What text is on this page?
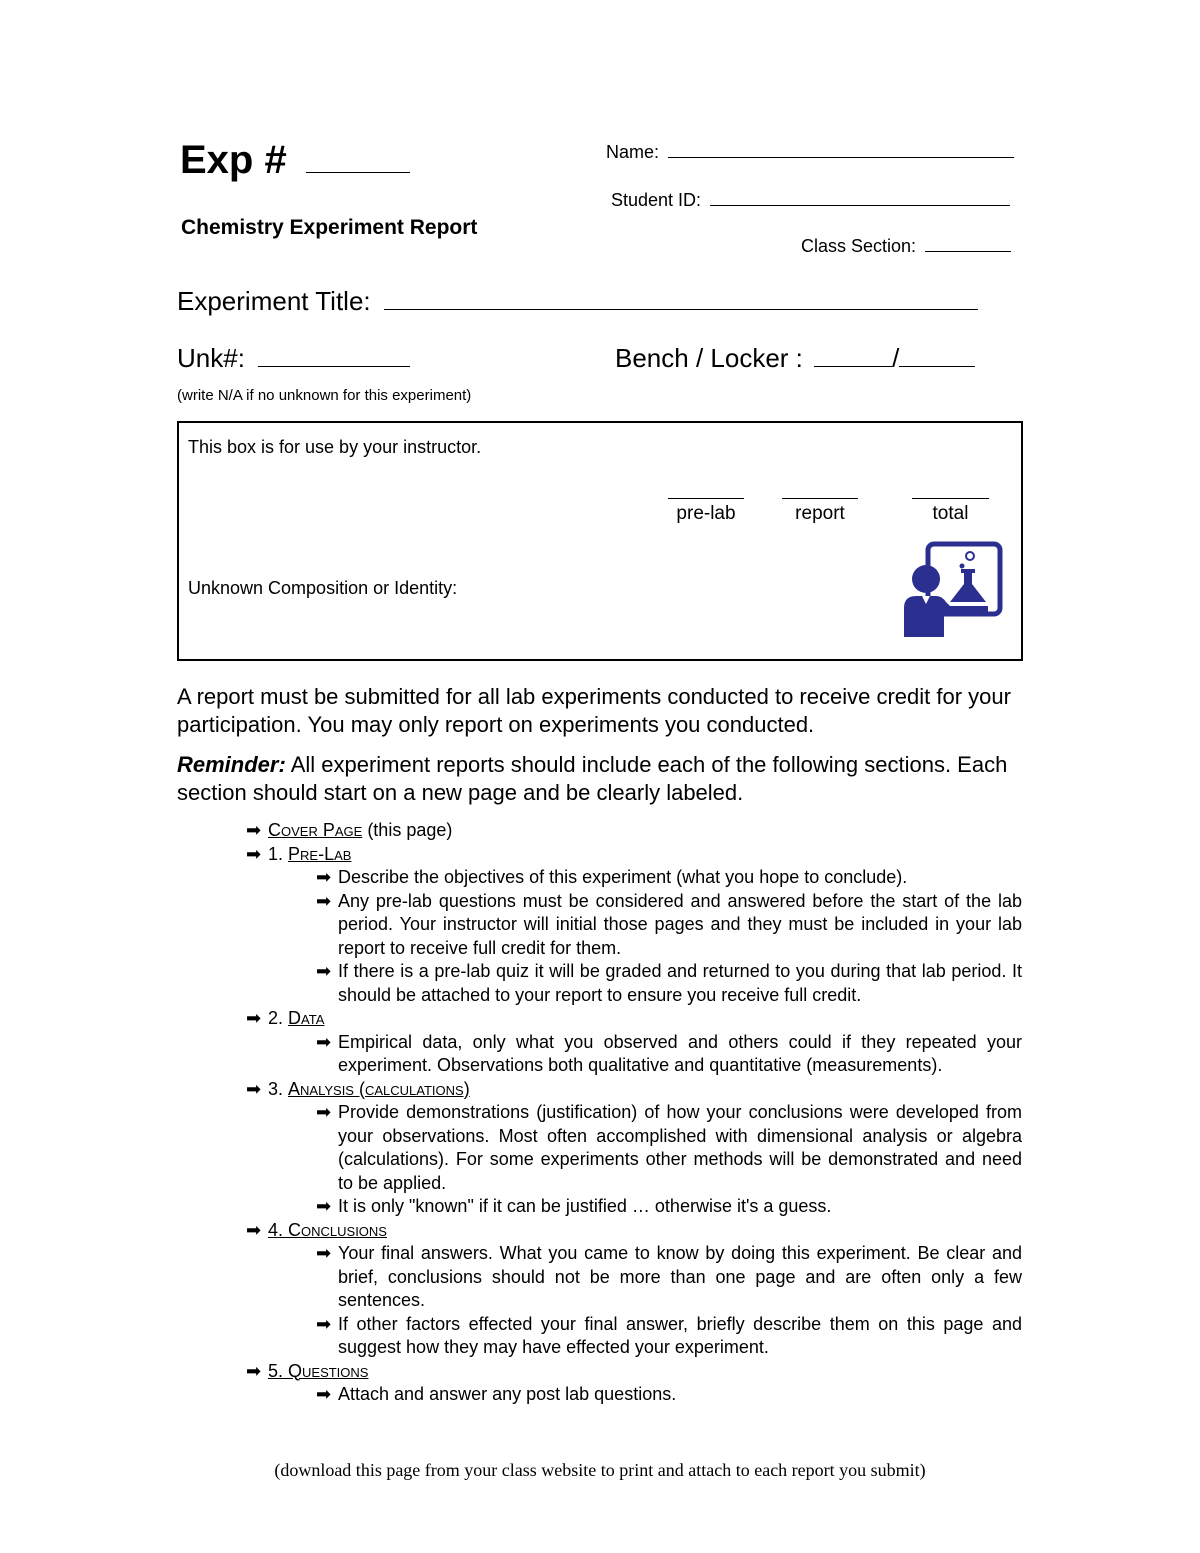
Exp #
Chemistry Experiment Report
Name:
Student ID:
Class Section:
Experiment Title:
Unk#:	Bench / Locker :	/
(write N/A if no unknown for this experiment)
This box is for use by your instructor.
pre-lab	report	total
Unknown Composition or Identity:
A report must be submitted for all lab experiments conducted to receive credit for your participation. You may only report on experiments you conducted.
Reminder: All experiment reports should include each of the following sections. Each section should start on a new page and be clearly labeled.
➡ Cover Page (this page)
➡ 1. Pre-Lab
➡ Describe the objectives of this experiment (what you hope to conclude).
➡ Any pre-lab questions must be considered and answered before the start of the lab period. Your instructor will initial those pages and they must be included in your lab report to receive full credit for them.
➡ If there is a pre-lab quiz it will be graded and returned to you during that lab period. It should be attached to your report to ensure you receive full credit.
➡ 2. Data
➡ Empirical data, only what you observed and others could if they repeated your experiment. Observations both qualitative and quantitative (measurements).
➡ 3. Analysis (calculations)
➡ Provide demonstrations (justification) of how your conclusions were developed from your observations. Most often accomplished with dimensional analysis or algebra (calculations). For some experiments other methods will be demonstrated and need to be applied.
➡ It is only "known" if it can be justified … otherwise it's a guess.
➡ 4. Conclusions
➡ Your final answers. What you came to know by doing this experiment. Be clear and brief, conclusions should not be more than one page and are often only a few sentences.
➡ If other factors effected your final answer, briefly describe them on this page and suggest how they may have effected your experiment.
➡ 5. Questions
➡ Attach and answer any post lab questions.
(download this page from your class website to print and attach to each report you submit)
